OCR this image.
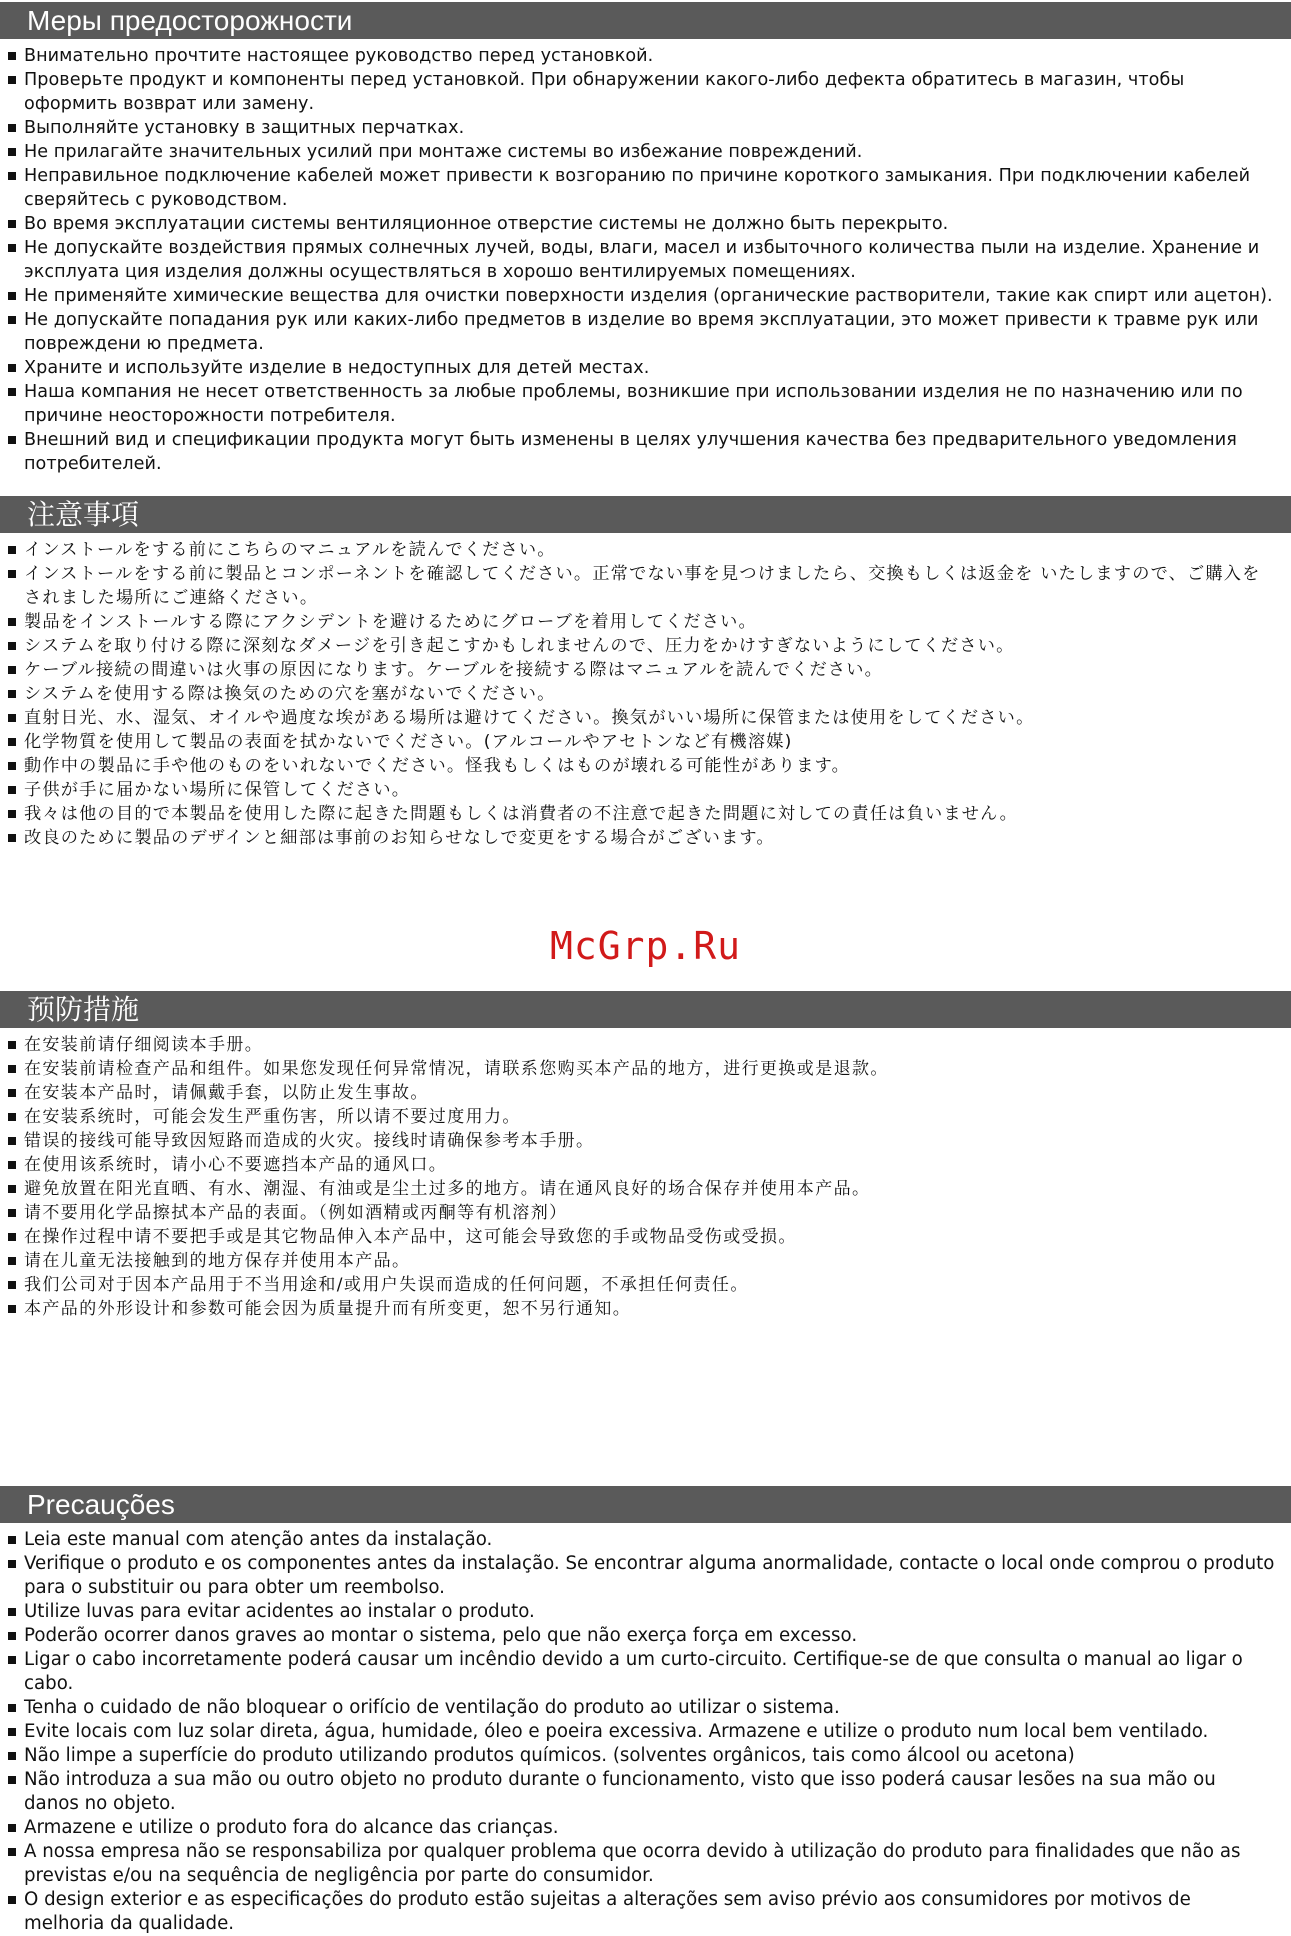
Меры предосторожности
Внимательно прочтите настоящее руководство перед установкой.
Проверьте продукт и компоненты перед установкой. При обнаружении какого-либо дефекта обратитесь в магазин, чтобы оформить возврат или замену.
Выполняйте установку в защитных перчатках.
Не прилагайте значительных усилий при монтаже системы во избежание повреждений.
Неправильное подключение кабелей может привести к возгоранию по причине короткого замыкания. При подключении кабелей сверяйтесь с руководством.
Во время эксплуатации системы вентиляционное отверстие системы не должно быть перекрыто.
Не допускайте воздействия прямых солнечных лучей, воды, влаги, масел и избыточного количества пыли на изделие. Хранение и эксплуата ция изделия должны осуществляться в хорошо вентилируемых помещениях.
Не применяйте химические вещества для очистки поверхности изделия (органические растворители, такие как спирт или ацетон).
Не допускайте попадания рук или каких-либо предметов в изделие во время эксплуатации, это может привести к травме рук или повреждени ю предмета.
Храните и используйте изделие в недоступных для детей местах.
Наша компания не несет ответственность за любые проблемы, возникшие при использовании изделия не по назначению или по причине неосторожности потребителя.
Внешний вид и спецификации продукта могут быть изменены в целях улучшения качества без предварительного уведомления потребителей.
注意事項
インストールをする前にこちらのマニュアルを読んでください。
インストールをする前に製品とコンポーネントを確認してください。正常でない事を見つけましたら、交換もしくは返金を いたしますので、ご購入をされました場所にご連絡ください。
製品をインストールする際にアクシデントを避けるためにグローブを着用してください。
システムを取り付ける際に深刻なダメージを引き起こすかもしれませんので、圧力をかけすぎないようにしてください。
ケーブル接続の間違いは火事の原因になります。ケーブルを接続する際はマニュアルを読んでください。
システムを使用する際は換気のための穴を塞がないでください。
直射日光、水、湿気、オイルや過度な埃がある場所は避けてください。換気がいい場所に保管または使用をしてください。
化学物質を使用して製品の表面を拭かないでください。(アルコールやアセトンなど有機溶媒)
動作中の製品に手や他のものをいれないでください。怪我もしくはものが壊れる可能性があります。
子供が手に届かない場所に保管してください。
我々は他の目的で本製品を使用した際に起きた問題もしくは消費者の不注意で起きた問題に対しての責任は負いません。
改良のために製品のデザインと細部は事前のお知らせなしで変更をする場合がございます。
McGrp.Ru
预防措施
在安装前请仔细阅读本手册。
在安装前请检查产品和组件。如果您发现任何异常情况，请联系您购买本产品的地方，进行更换或是退款。
在安装本产品时，请佩戴手套，以防止发生事故。
在安装系统时，可能会发生严重伤害，所以请不要过度用力。
错误的接线可能导致因短路而造成的火灾。接线时请确保参考本手册。
在使用该系统时，请小心不要遮挡本产品的通风口。
避免放置在阳光直晒、有水、潮湿、有油或是尘土过多的地方。请在通风良好的场合保存并使用本产品。
请不要用化学品擦拭本产品的表面。（例如酒精或丙酮等有机溶剂）
在操作过程中请不要把手或是其它物品伸入本产品中，这可能会导致您的手或物品受伤或受损。
请在儿童无法接触到的地方保存并使用本产品。
我们公司对于因本产品用于不当用途和/或用户失误而造成的任何问题，不承担任何责任。
本产品的外形设计和参数可能会因为质量提升而有所变更，恕不另行通知。
Precauções
Leia este manual com atenção antes da instalação.
Verifique o produto e os componentes antes da instalação. Se encontrar alguma anormalidade, contacte o local onde comprou o produto para o substituir ou para obter um reembolso.
Utilize luvas para evitar acidentes ao instalar o produto.
Poderão ocorrer danos graves ao montar o sistema, pelo que não exerça força em excesso.
Ligar o cabo incorretamente poderá causar um incêndio devido a um curto-circuito. Certifique-se de que consulta o manual ao ligar o cabo.
Tenha o cuidado de não bloquear o orifício de ventilação do produto ao utilizar o sistema.
Evite locais com luz solar direta, água, humidade, óleo e poeira excessiva. Armazene e utilize o produto num local bem ventilado.
Não limpe a superfície do produto utilizando produtos químicos. (solventes orgânicos, tais como álcool ou acetona)
Não introduza a sua mão ou outro objeto no produto durante o funcionamento, visto que isso poderá causar lesões na sua mão ou danos no objeto.
Armazene e utilize o produto fora do alcance das crianças.
A nossa empresa não se responsabiliza por qualquer problema que ocorra devido à utilização do produto para finalidades que não as previstas e/ou na sequência de negligência por parte do consumidor.
O design exterior e as especificações do produto estão sujeitas a alterações sem aviso prévio aos consumidores por motivos de melhoria da qualidade.
